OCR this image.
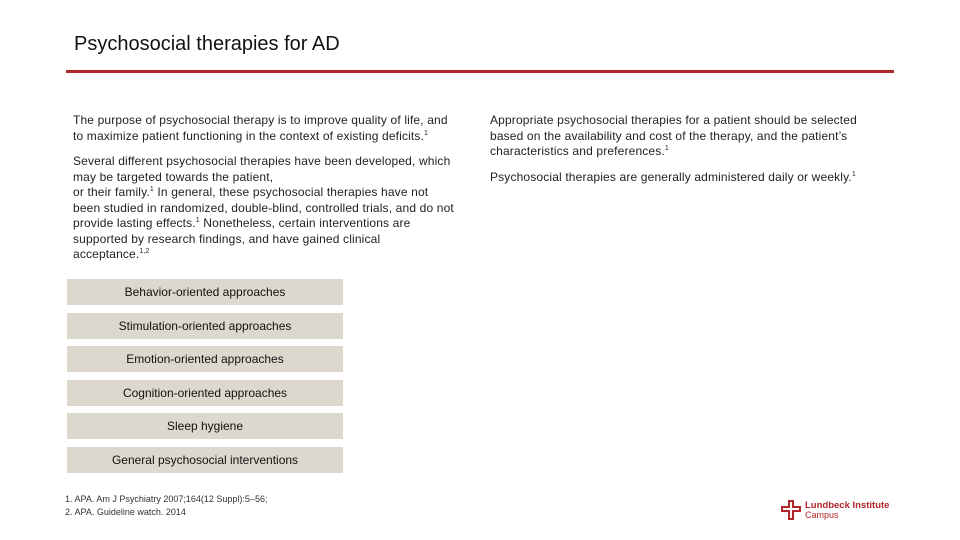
Psychosocial therapies for AD

The purpose of psychosocial therapy is to improve quality of life, and to maximize patient functioning in the context of existing deficits.$^1$

Several different psychosocial therapies have been developed, which may be targeted towards the patient,
or their family.$^1$ In general, these psychosocial therapies have not been studied in randomized, double-blind, controlled trials, and do not provide lasting effects.$^1$ Nonetheless, certain interventions are supported by research findings, and have gained clinical acceptance.$^{1,2}$

Behavior-oriented approaches
Stimulation-oriented approaches
Emotion-oriented approaches
Cognition-oriented approaches
Sleep hygiene
General psychosocial interventions

Appropriate psychosocial therapies for a patient should be selected based on the availability and cost of the therapy, and the patient’s characteristics and preferences.$^1$

Psychosocial therapies are generally administered daily or weekly.$^1$

1. APA. Am J Psychiatry 2007;164(12 Suppl):5–56;
2. APA. Guideline watch. 2014
Lundbeck Institute
Campus
